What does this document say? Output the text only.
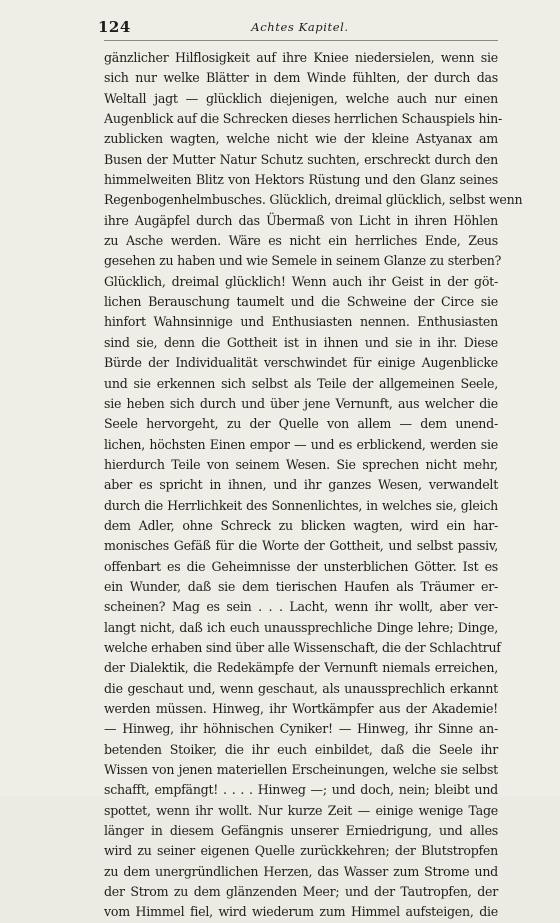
124	Achtes Kapitel.
gänzlicher Hilflosigkeit auf ihre Kniee niedersielen, wenn sie
sich nur welke Blätter in dem Winde fühlten, der durch das
Weltall jagt — glücklich diejenigen, welche auch nur einen
Augenblick auf die Schrecken dieses herrlichen Schauspiels hin-
zublicken wagten, welche nicht wie der kleine Astyanax am
Busen der Mutter Natur Schutz suchten, erschreckt durch den
himmelweiten Blitz von Hektors Rüstung und den Glanz seines
Regenbogenhelmbusches. Glücklich, dreimal glücklich, selbst wenn
ihre Augäpfel durch das Übermaß von Licht in ihren Höhlen
zu Asche werden. Wäre es nicht ein herrliches Ende, Zeus
gesehen zu haben und wie Semele in seinem Glanze zu sterben?
Glücklich, dreimal glücklich! Wenn auch ihr Geist in der göt-
lichen Berauschung taumelt und die Schweine der Circe sie
hinfort Wahnsinnige und Enthusiasten nennen. Enthusiasten
sind sie, denn die Gottheit ist in ihnen und sie in ihr. Diese
Bürde der Individualität verschwindet für einige Augenblicke
und sie erkennen sich selbst als Teile der allgemeinen Seele,
sie heben sich durch und über jene Vernunft, aus welcher die
Seele hervorgeht, zu der Quelle von allem — dem unend-
lichen, höchsten Einen empor — und es erblickend, werden sie
hierdurch Teile von seinem Wesen. Sie sprechen nicht mehr,
aber es spricht in ihnen, und ihr ganzes Wesen, verwandelt
durch die Herrlichkeit des Sonnenlichtes, in welches sie, gleich
dem Adler, ohne Schreck zu blicken wagten, wird ein har-
monisches Gefäß für die Worte der Gottheit, und selbst passiv,
offenbart es die Geheimnisse der unsterblichen Götter. Ist es
ein Wunder, daß sie dem tierischen Haufen als Träumer er-
scheinen? Mag es sein . . . Lacht, wenn ihr wollt, aber ver-
langt nicht, daß ich euch unaussprechliche Dinge lehre; Dinge,
welche erhaben sind über alle Wissenschaft, die der Schlachtruf
der Dialektik, die Redekämpfe der Vernunft niemals erreichen,
die geschaut und, wenn geschaut, als unaussprechlich erkannt
werden müssen. Hinweg, ihr Wortkämpfer aus der Akademie!
— Hinweg, ihr höhnischen Cyniker! — Hinweg, ihr Sinne an-
betenden Stoiker, die ihr euch einbildet, daß die Seele ihr
Wissen von jenen materiellen Erscheinungen, welche sie selbst
schafft, empfängt! . . . . Hinweg —; und doch, nein; bleibt und
spottet, wenn ihr wollt. Nur kurze Zeit — einige wenige Tage
länger in diesem Gefängnis unserer Erniedrigung, und alles
wird zu seiner eigenen Quelle zurückkehren; der Blutstropfen
zu dem unergründlichen Herzen, das Wasser zum Strome und
der Strom zu dem glänzenden Meer; und der Tautropfen, der
vom Himmel fiel, wird wiederum zum Himmel aufsteigen, die
